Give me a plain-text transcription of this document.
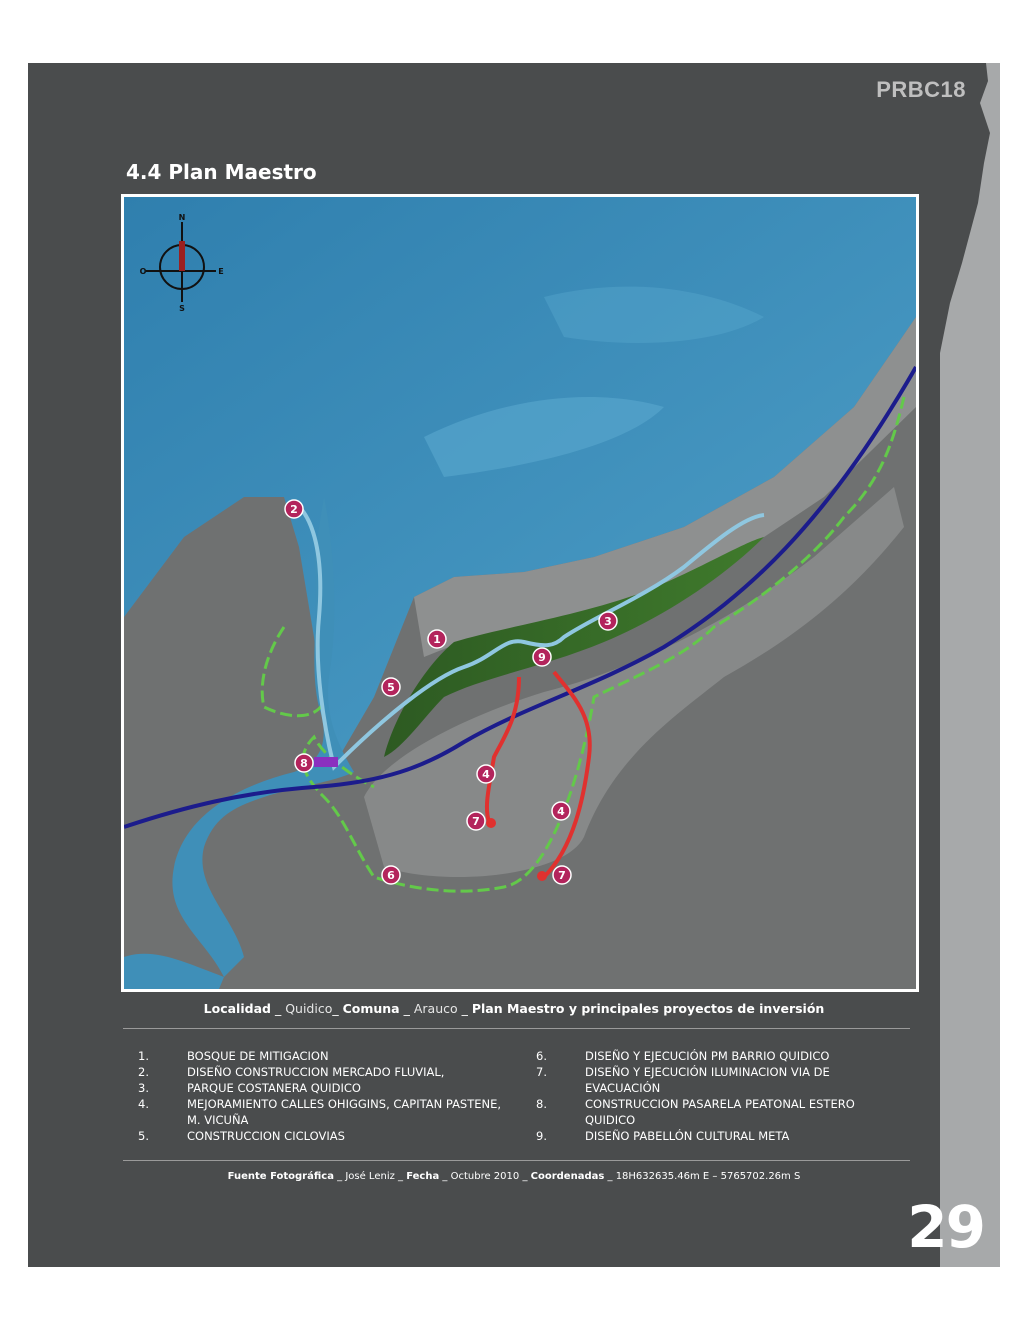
PRBC18
4.4 Plan Maestro
N
S
E
O
1
2
3
4
4
5
6
7
7
8
9
Localidad _ Quidico_ Comuna _ Arauco _ Plan Maestro y principales proyectos de inversión
1.	BOSQUE DE MITIGACION
2.	DISEÑO CONSTRUCCION MERCADO FLUVIAL,
3.	PARQUE COSTANERA QUIDICO
4.	MEJORAMIENTO CALLES OHIGGINS, CAPITAN PASTENE, M. VICUÑA
5.	CONSTRUCCION CICLOVIAS
6.	DISEÑO Y EJECUCIÓN PM BARRIO QUIDICO
7.	DISEÑO Y EJECUCIÓN ILUMINACION VIA DE EVACUACIÓN
8.	CONSTRUCCION PASARELA PEATONAL ESTERO QUIDICO
9.	DISEÑO PABELLÓN CULTURAL META
Fuente Fotográfica _ José Leniz _ Fecha _ Octubre 2010 _ Coordenadas _ 18H632635.46m E – 5765702.26m S
29
